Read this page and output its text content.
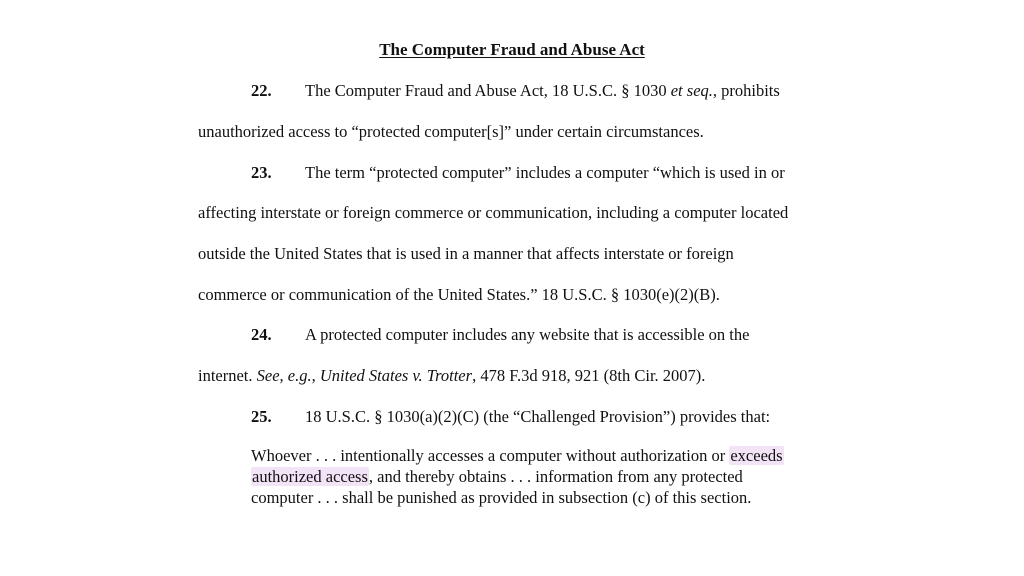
The Computer Fraud and Abuse Act
22. The Computer Fraud and Abuse Act, 18 U.S.C. § 1030 et seq., prohibits
unauthorized access to “protected computer[s]” under certain circumstances.
23. The term “protected computer” includes a computer “which is used in or
affecting interstate or foreign commerce or communication, including a computer located
outside the United States that is used in a manner that affects interstate or foreign
commerce or communication of the United States.” 18 U.S.C. § 1030(e)(2)(B).
24. A protected computer includes any website that is accessible on the
internet. See, e.g., United States v. Trotter, 478 F.3d 918, 921 (8th Cir. 2007).
25. 18 U.S.C. § 1030(a)(2)(C) (the “Challenged Provision”) provides that:
Whoever . . . intentionally accesses a computer without authorization or exceeds
authorized access, and thereby obtains . . . information from any protected
computer . . . shall be punished as provided in subsection (c) of this section.
